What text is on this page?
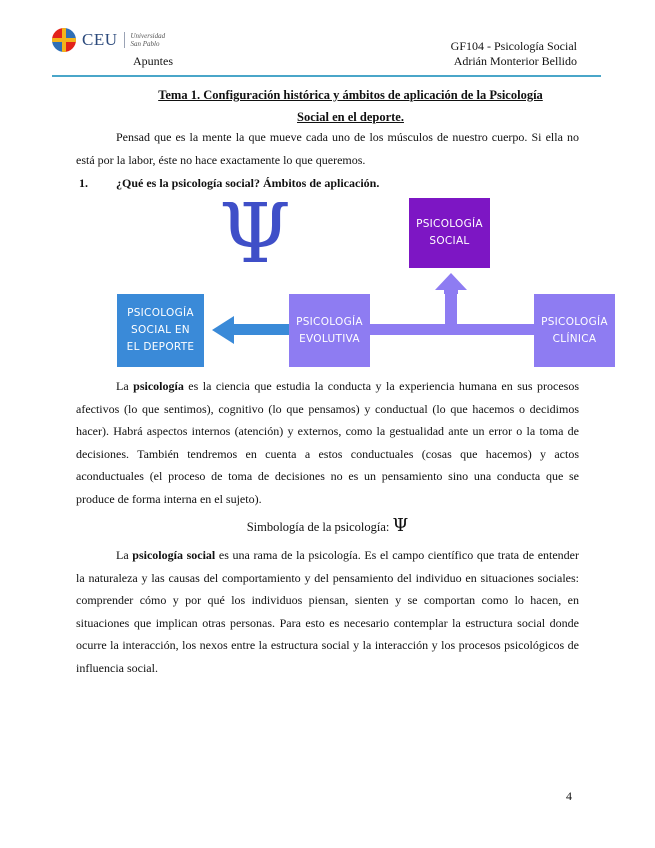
CEU Universidad
San Pablo
Apuntes
GF104 - Psicología Social
Adrián Monterior Bellido
Tema 1. Configuración histórica y ámbitos de aplicación de la Psicología
Social en el deporte.
Pensad que es la mente la que mueve cada uno de los músculos de nuestro cuerpo. Si ella no está por la labor, éste no hace exactamente lo que queremos.
1. ¿Qué es la psicología social? Ámbitos de aplicación.
Ψ	PSICOLOGÍA
SOCIAL
PSICOLOGÍA
SOCIAL EN
EL DEPORTE
PSICOLOGÍA
EVOLUTIVA
PSICOLOGÍA
CLÍNICA
La psicología es la ciencia que estudia la conducta y la experiencia humana en sus procesos afectivos (lo que sentimos), cognitivo (lo que pensamos) y conductual (lo que hacemos o decidimos hacer). Habrá aspectos internos (atención) y externos, como la gestualidad ante un error o la toma de decisiones. También tendremos en cuenta a estos conductuales (cosas que hacemos) y actos aconductuales (el proceso de toma de decisiones no es un pensamiento sino una conducta que se produce de forma interna en el sujeto).
Simbología de la psicología: Ψ
La psicología social es una rama de la psicología. Es el campo científico que trata de entender la naturaleza y las causas del comportamiento y del pensamiento del individuo en situaciones sociales: comprender cómo y por qué los individuos piensan, sienten y se comportan como lo hacen, en situaciones que implican otras personas. Para esto es necesario contemplar la estructura social donde ocurre la interacción, los nexos entre la estructura social y la interacción y los procesos psicológicos de influencia social.
4
